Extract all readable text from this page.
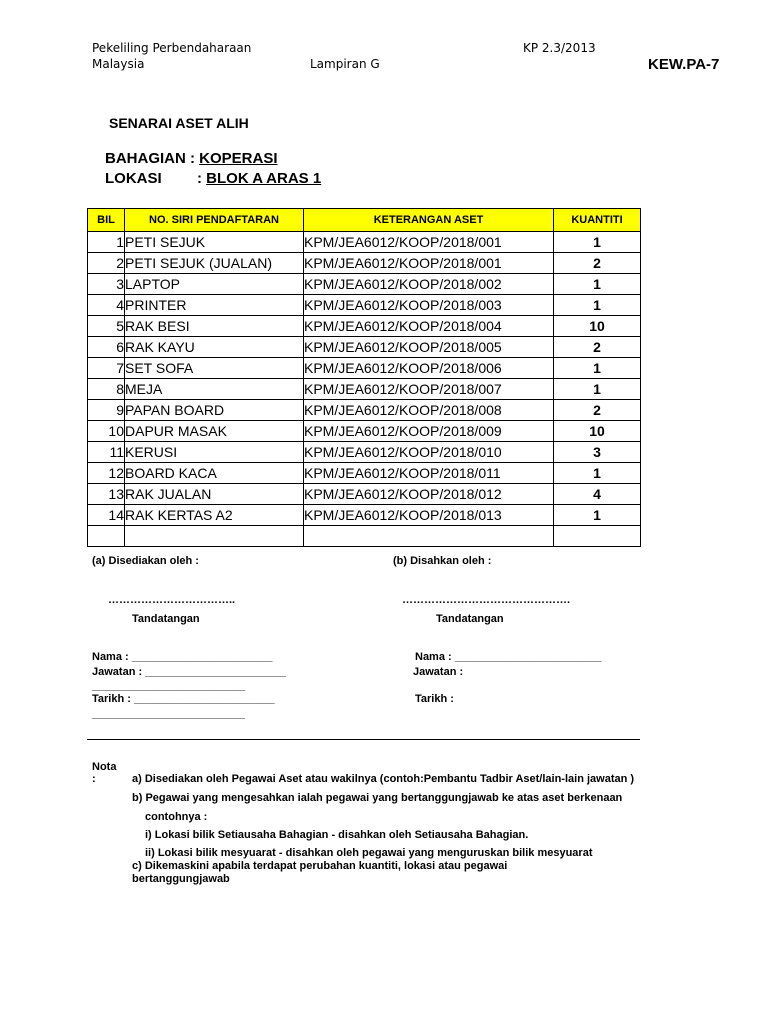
Pekeliling Perbendaharaan
Malaysia	Lampiran G
KP 2.3/2013
KEW.PA-7
SENARAI ASET ALIH
BAHAGIAN : KOPERASI
LOKASI : BLOK A ARAS 1
BIL	NO. SIRI PENDAFTARAN	KETERANGAN ASET	KUANTITI
1	PETI SEJUK	KPM/JEA6012/KOOP/2018/001	1
2	PETI SEJUK (JUALAN)	KPM/JEA6012/KOOP/2018/001	2
3	LAPTOP	KPM/JEA6012/KOOP/2018/002	1
4	PRINTER	KPM/JEA6012/KOOP/2018/003	1
5	RAK BESI	KPM/JEA6012/KOOP/2018/004	10
6	RAK KAYU	KPM/JEA6012/KOOP/2018/005	2
7	SET SOFA	KPM/JEA6012/KOOP/2018/006	1
8	MEJA	KPM/JEA6012/KOOP/2018/007	1
9	PAPAN BOARD	KPM/JEA6012/KOOP/2018/008	2
10	DAPUR MASAK	KPM/JEA6012/KOOP/2018/009	10
11	KERUSI	KPM/JEA6012/KOOP/2018/010	3
12	BOARD KACA	KPM/JEA6012/KOOP/2018/011	1
13	RAK JUALAN	KPM/JEA6012/KOOP/2018/012	4
14	RAK KERTAS A2	KPM/JEA6012/KOOP/2018/013	1

(a) Disediakan oleh :	(b) Disahkan oleh :
……………………………..	……………………………………….
Tandatangan	Tandatangan
Nama : _______________________
Jawatan : _______________________
_________________________
Tarikh : _______________________
_________________________
Nama : ________________________
Jawatan :
Tarikh :
Nota
:	a) Disediakan oleh Pegawai Aset atau wakilnya (contoh:Pembantu Tadbir Aset/lain-lain jawatan )
b) Pegawai yang mengesahkan ialah pegawai yang bertanggungjawab ke atas aset berkenaan
contohnya :
i) Lokasi bilik Setiausaha Bahagian - disahkan oleh Setiausaha Bahagian.
ii) Lokasi bilik mesyuarat - disahkan oleh pegawai yang menguruskan bilik mesyuarat
c) Dikemaskini apabila terdapat perubahan kuantiti, lokasi atau pegawai
bertanggungjawab
